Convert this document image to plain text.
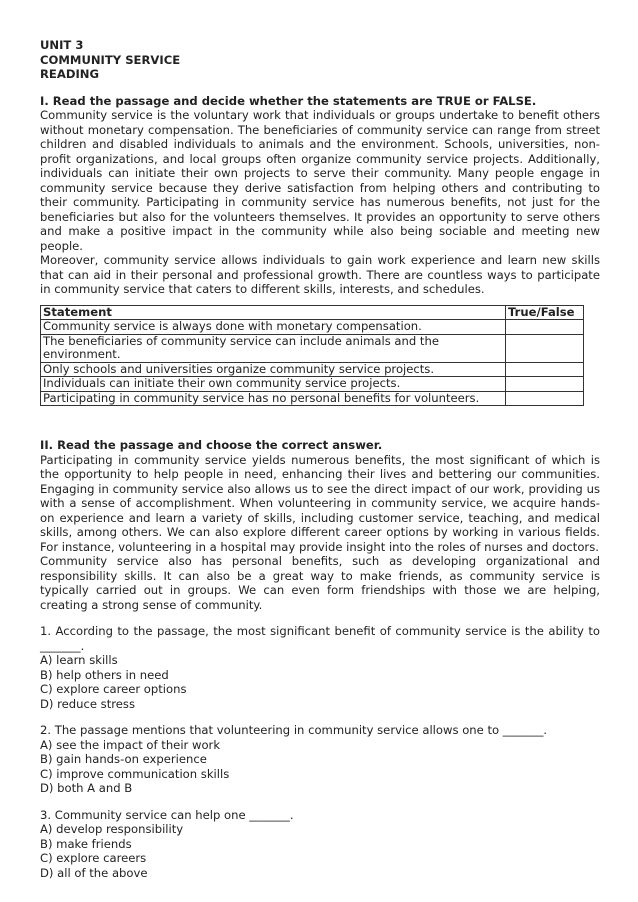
UNIT 3
COMMUNITY SERVICE
READING
I. Read the passage and decide whether the statements are TRUE or FALSE.

Community service is the voluntary work that individuals or groups undertake to benefit others without monetary compensation. The beneficiaries of community service can range from street children and disabled individuals to animals and the environment. Schools, universities, non-profit organizations, and local groups often organize community service projects. Additionally, individuals can initiate their own projects to serve their community. Many people engage in community service because they derive satisfaction from helping others and contributing to their community. Participating in community service has numerous benefits, not just for the beneficiaries but also for the volunteers themselves. It provides an opportunity to serve others and make a positive impact in the community while also being sociable and meeting new people.

Moreover, community service allows individuals to gain work experience and learn new skills that can aid in their personal and professional growth. There are countless ways to participate in community service that caters to different skills, interests, and schedules.

Statement	True/False
Community service is always done with monetary compensation.	
The beneficiaries of community service can include animals and the environment.	
Only schools and universities organize community service projects.	
Individuals can initiate their own community service projects.	
Participating in community service has no personal benefits for volunteers.	
II. Read the passage and choose the correct answer.

Participating in community service yields numerous benefits, the most significant of which is the opportunity to help people in need, enhancing their lives and bettering our communities. Engaging in community service also allows us to see the direct impact of our work, providing us with a sense of accomplishment. When volunteering in community service, we acquire hands-on experience and learn a variety of skills, including customer service, teaching, and medical skills, among others. We can also explore different career options by working in various fields. For instance, volunteering in a hospital may provide insight into the roles of nurses and doctors.

Community service also has personal benefits, such as developing organizational and responsibility skills. It can also be a great way to make friends, as community service is typically carried out in groups. We can even form friendships with those we are helping, creating a strong sense of community.

1. According to the passage, the most significant benefit of community service is the ability to _______.
A) learn skills
B) help others in need
C) explore career options
D) reduce stress
2. The passage mentions that volunteering in community service allows one to _______.
A) see the impact of their work
B) gain hands-on experience
C) improve communication skills
D) both A and B
3. Community service can help one _______.
A) develop responsibility
B) make friends
C) explore careers
D) all of the above
